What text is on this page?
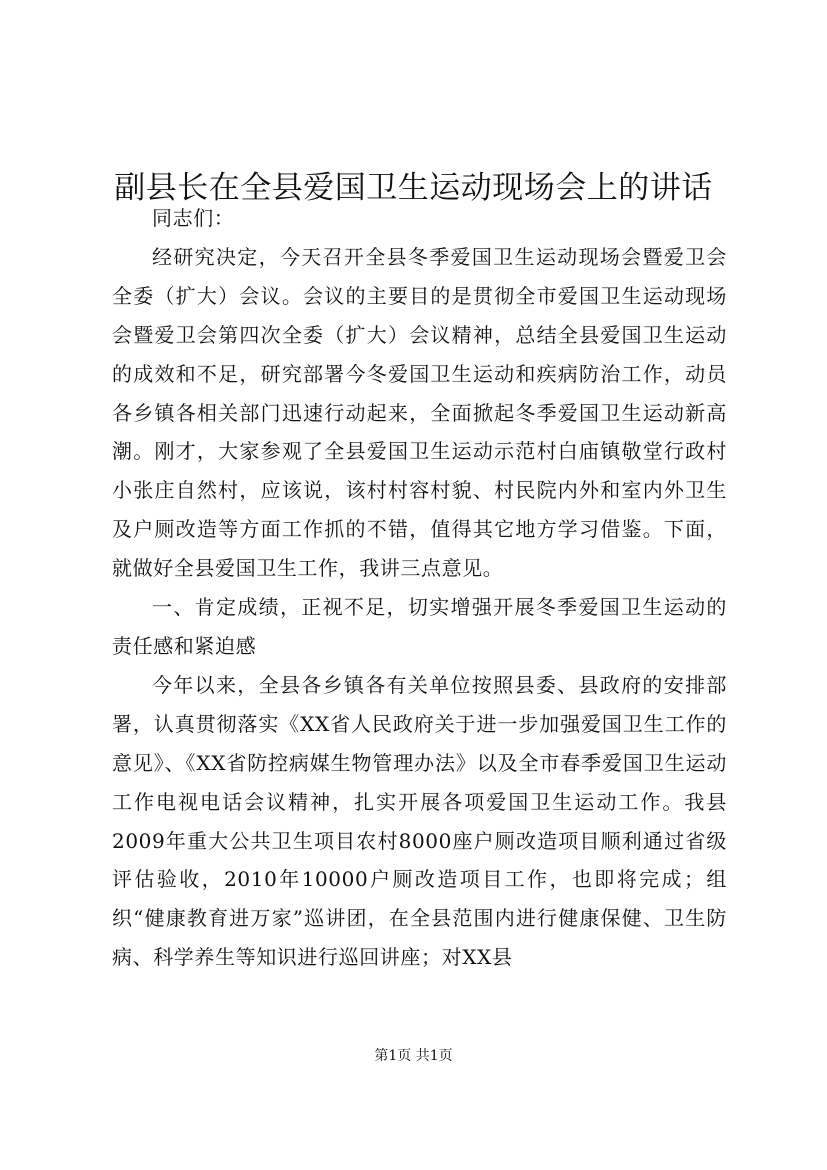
副县长在全县爱国卫生运动现场会上的讲话

同志们：

经研究决定，今天召开全县冬季爱国卫生运动现场会暨爱卫会全委（扩大）会议。会议的主要目的是贯彻全市爱国卫生运动现场会暨爱卫会第四次全委（扩大）会议精神，总结全县爱国卫生运动的成效和不足，研究部署今冬爱国卫生运动和疾病防治工作，动员各乡镇各相关部门迅速行动起来，全面掀起冬季爱国卫生运动新高潮。刚才，大家参观了全县爱国卫生运动示范村白庙镇敬堂行政村小张庄自然村，应该说，该村村容村貌、村民院内外和室内外卫生及户厕改造等方面工作抓的不错，值得其它地方学习借鉴。下面，就做好全县爱国卫生工作，我讲三点意见。

一、肯定成绩，正视不足，切实增强开展冬季爱国卫生运动的责任感和紧迫感

今年以来，全县各乡镇各有关单位按照县委、县政府的安排部署，认真贯彻落实《XX省人民政府关于进一步加强爱国卫生工作的意见》、《XX省防控病媒生物管理办法》以及全市春季爱国卫生运动工作电视电话会议精神，扎实开展各项爱国卫生运动工作。我县2009年重大公共卫生项目农村8000座户厕改造项目顺利通过省级评估验收，2010年10000户厕改造项目工作，也即将完成；组织“健康教育进万家”巡讲团，在全县范围内进行健康保健、卫生防病、科学养生等知识进行巡回讲座；对XX县

第1页 共1页
